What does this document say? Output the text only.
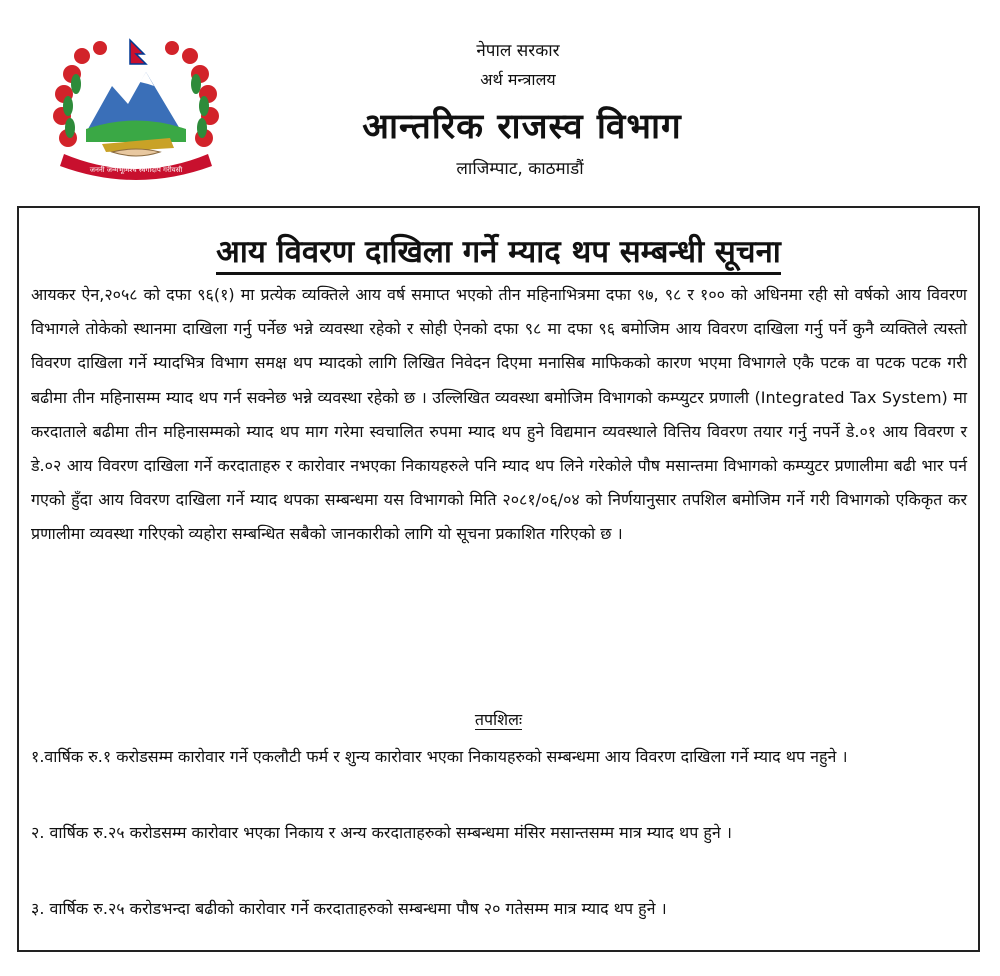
जननी जन्मभूमिश्च स्वर्गादपि गरीयसी
नेपाल सरकार
अर्थ मन्त्रालय
आन्तरिक राजस्व विभाग
लाजिम्पाट, काठमाडौं
आय विवरण दाखिला गर्ने म्याद थप सम्बन्धी सूचना

आयकर ऐन,२०५८ को दफा ९६(१) मा प्रत्येक व्यक्तिले आय वर्ष समाप्त भएको तीन महिनाभित्रमा दफा ९७, ९८ र १०० को अधिनमा रही सो वर्षको आय विवरण विभागले तोकेको स्थानमा दाखिला गर्नु पर्नेछ भन्ने व्यवस्था रहेको र सोही ऐनको दफा ९८ मा दफा ९६ बमोजिम आय विवरण दाखिला गर्नु पर्ने कुनै व्यक्तिले त्यस्तो विवरण दाखिला गर्ने म्यादभित्र विभाग समक्ष थप म्यादको लागि लिखित निवेदन दिएमा मनासिब माफिकको कारण भएमा विभागले एकै पटक वा पटक पटक गरी बढीमा तीन महिनासम्म म्याद थप गर्न सक्नेछ भन्ने व्यवस्था रहेको छ । उल्लिखित व्यवस्था बमोजिम विभागको कम्प्युटर प्रणाली (Integrated Tax System) मा करदाताले बढीमा तीन महिनासम्मको म्याद थप माग गरेमा स्वचालित रुपमा म्याद थप हुने विद्यमान व्यवस्थाले वित्तिय विवरण तयार गर्नु नपर्ने डे.०१ आय विवरण र डे.०२ आय विवरण दाखिला गर्ने करदाताहरु र कारोवार नभएका निकायहरुले पनि म्याद थप लिने गरेकोले पौष मसान्तमा विभागको कम्प्युटर प्रणालीमा बढी भार पर्न गएको हुँदा आय विवरण दाखिला गर्ने म्याद थपका सम्बन्धमा यस विभागको मिति २०८१/०६/०४ को निर्णयानुसार तपशिल बमोजिम गर्ने गरी विभागको एकिकृत कर प्रणालीमा व्यवस्था गरिएको व्यहोरा सम्बन्धित सबैको जानकारीको लागि यो सूचना प्रकाशित गरिएको छ ।

तपशिलः

१.वार्षिक रु.१ करोडसम्म कारोवार गर्ने एकलौटी फर्म र शुन्य कारोवार भएका निकायहरुको सम्बन्धमा आय विवरण दाखिला गर्ने म्याद थप नहुने ।

२. वार्षिक रु.२५ करोडसम्म कारोवार भएका निकाय र अन्य करदाताहरुको सम्बन्धमा मंसिर मसान्तसम्म मात्र म्याद थप हुने ।

३. वार्षिक रु.२५ करोडभन्दा बढीको कारोवार गर्ने करदाताहरुको सम्बन्धमा पौष २० गतेसम्म मात्र म्याद थप हुने ।
